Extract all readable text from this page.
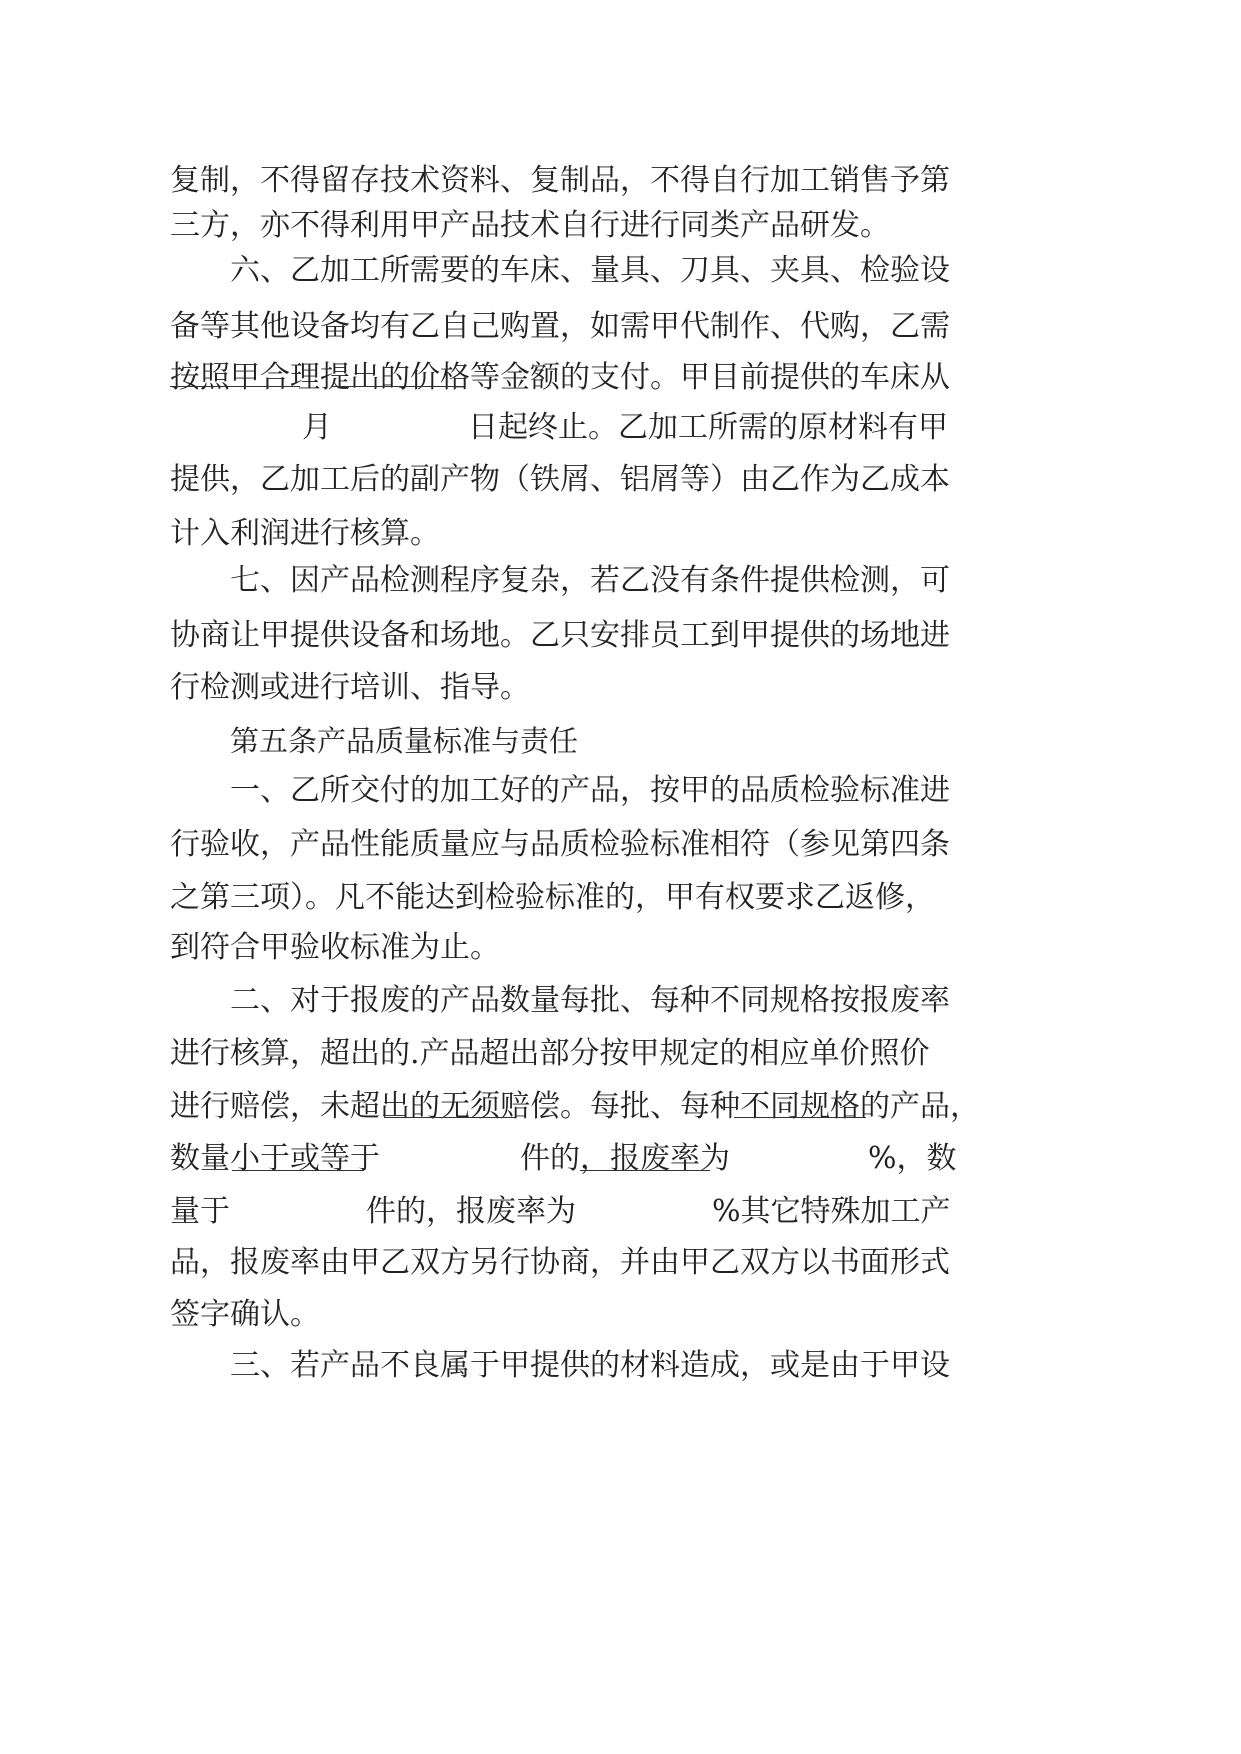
复制，不得留存技术资料、复制品，不得自行加工销售予第
三方，亦不得利用甲产品技术自行进行同类产品研发。
六、乙加工所需要的车床、量具、刀具、夹具、检验设
备等其他设备均有乙自己购置，如需甲代制作、代购，乙需
按照甲合理提出的价格等金额的支付。甲目前提供的车床从
月	日起终止。乙加工所需的原材料有甲
提供，乙加工后的副产物（铁屑、铝屑等）由乙作为乙成本
计入利润进行核算。
七、因产品检测程序复杂，若乙没有条件提供检测，可
协商让甲提供设备和场地。乙只安排员工到甲提供的场地进
行检测或进行培训、指导。
第五条产品质量标准与责任
一、乙所交付的加工好的产品，按甲的品质检验标准进
行验收，产品性能质量应与品质检验标准相符（参见第四条
之第三项）。凡不能达到检验标准的，甲有权要求乙返修，
到符合甲验收标准为止。
二、对于报废的产品数量每批、每种不同规格按报废率
进行核算，超出的.产品超出部分按甲规定的相应单价照价
进行赔偿，未超出的无须赔偿。每批、每种不同规格的产品，
数量小于或等于	件的，报废率为	%，数
量于	件的，报废率为	%其它特殊加工产
品，报废率由甲乙双方另行协商，并由甲乙双方以书面形式
签字确认。
三、若产品不良属于甲提供的材料造成，或是由于甲设
